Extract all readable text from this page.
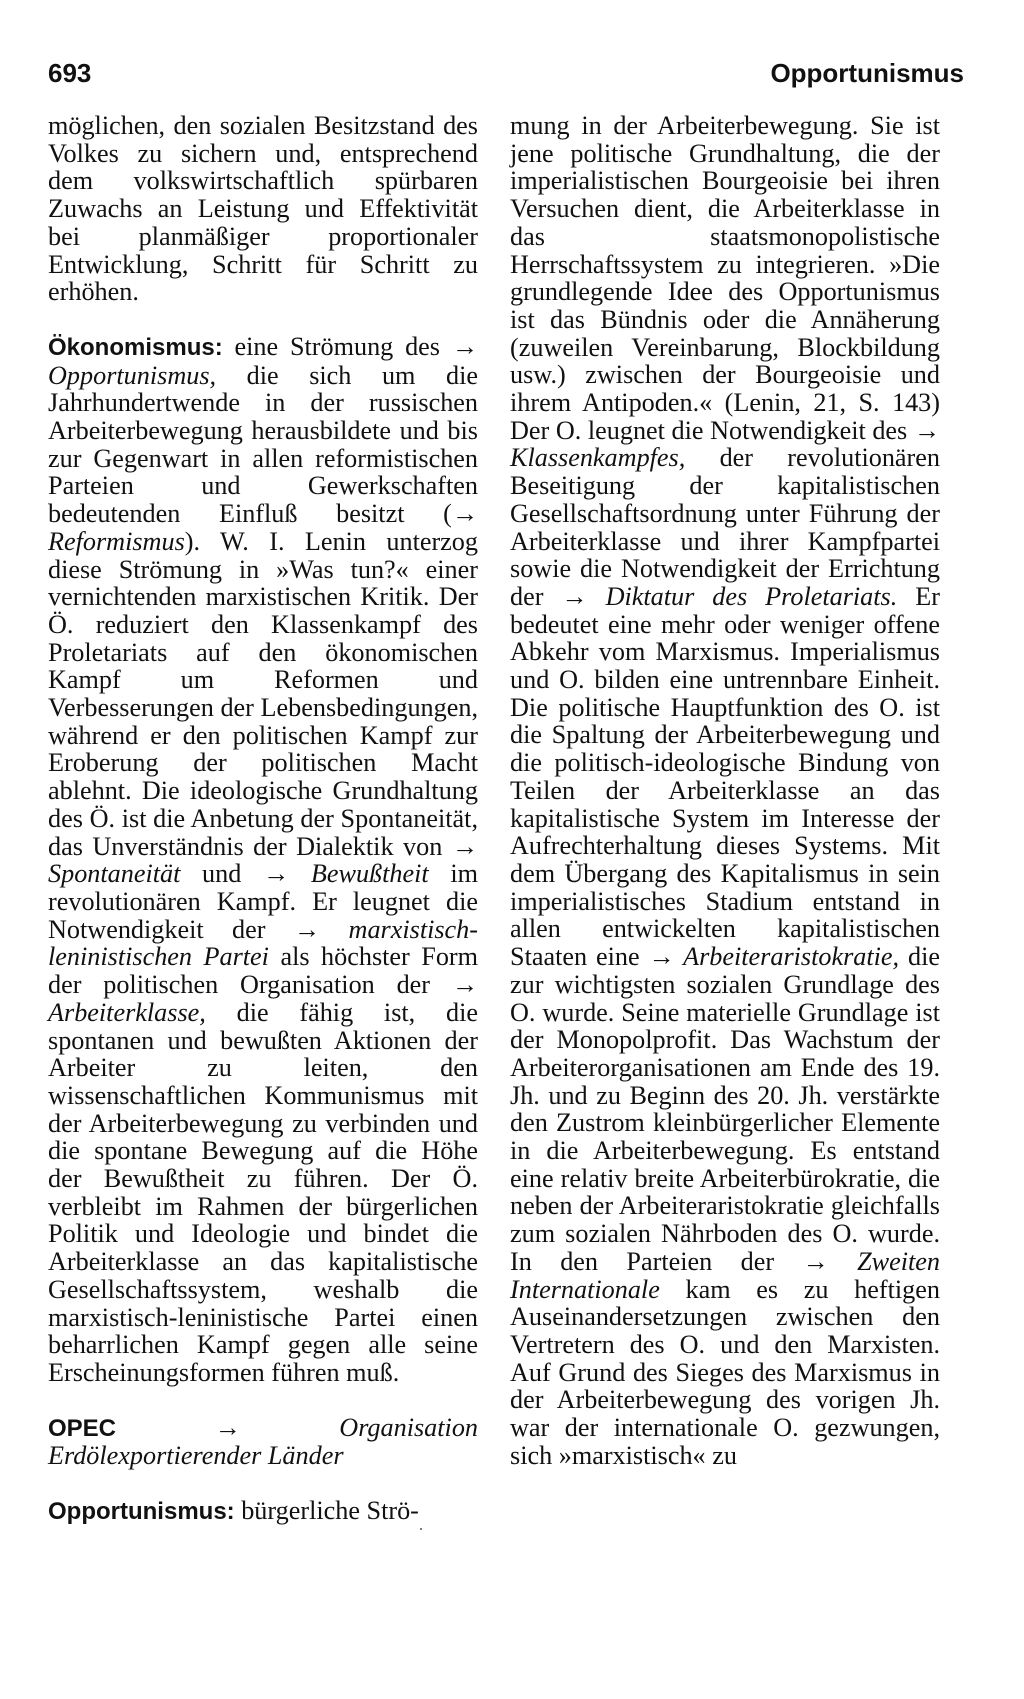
693	Opportunismus

möglichen, den sozialen Besitzstand des Volkes zu sichern und, entsprechend dem volkswirtschaftlich spürbaren Zuwachs an Leistung und Effektivität bei planmäßiger proportionaler Entwicklung, Schritt für Schritt zu erhöhen.

Ökonomismus: eine Strömung des → Opportunismus, die sich um die Jahrhundertwende in der russischen Arbeiterbewegung herausbildete und bis zur Gegenwart in allen reformistischen Parteien und Gewerkschaften bedeutenden Einfluß besitzt (→ Reformismus). W. I. Lenin unterzog diese Strömung in »Was tun?« einer vernichtenden marxistischen Kritik. Der Ö. reduziert den Klassenkampf des Proletariats auf den ökonomischen Kampf um Reformen und Verbesserungen der Lebensbedingungen, während er den politischen Kampf zur Eroberung der politischen Macht ablehnt. Die ideologische Grundhaltung des Ö. ist die Anbetung der Spontaneität, das Unverständnis der Dialektik von → Spontaneität und → Bewußtheit im revolutionären Kampf. Er leugnet die Notwendigkeit der → marxistisch-leninistischen Partei als höchster Form der politischen Organisation der → Arbeiterklasse, die fähig ist, die spontanen und bewußten Aktionen der Arbeiter zu leiten, den wissenschaftlichen Kommunismus mit der Arbeiterbewegung zu verbinden und die spontane Bewegung auf die Höhe der Bewußtheit zu führen. Der Ö. verbleibt im Rahmen der bürgerlichen Politik und Ideologie und bindet die Arbeiterklasse an das kapitalistische Gesellschaftssystem, weshalb die marxistisch-leninistische Partei einen beharrlichen Kampf gegen alle seine Erscheinungsformen führen muß.

OPEC	→	Organisation Erdölexportierender Länder

Opportunismus: bürgerliche Strö-

mung in der Arbeiterbewegung. Sie ist jene politische Grundhaltung, die der imperialistischen Bourgeoisie bei ihren Versuchen dient, die Arbeiterklasse in das staatsmonopolistische Herrschaftssystem zu integrieren. »Die grundlegende Idee des Opportunismus ist das Bündnis oder die Annäherung (zuweilen Vereinbarung, Blockbildung usw.) zwischen der Bourgeoisie und ihrem Antipoden.« (Lenin, 21, S. 143) Der O. leugnet die Notwendigkeit des → Klassenkampfes, der revolutionären Beseitigung der kapitalistischen Gesellschaftsordnung unter Führung der Arbeiterklasse und ihrer Kampfpartei sowie die Notwendigkeit der Errichtung der → Diktatur des Proletariats. Er bedeutet eine mehr oder weniger offene Abkehr vom Marxismus. Imperialismus und O. bilden eine untrennbare Einheit. Die politische Hauptfunktion des O. ist die Spaltung der Arbeiterbewegung und die politisch-ideologische Bindung von Teilen der Arbeiterklasse an das kapitalistische System im Interesse der Aufrechterhaltung dieses Systems. Mit dem Übergang des Kapitalismus in sein imperialistisches Stadium entstand in allen entwickelten kapitalistischen Staaten eine → Arbeiteraristokratie, die zur wichtigsten sozialen Grundlage des O. wurde. Seine materielle Grundlage ist der Monopolprofit. Das Wachstum der Arbeiterorganisationen am Ende des 19. Jh. und zu Beginn des 20. Jh. verstärkte den Zustrom kleinbürgerlicher Elemente in die Arbeiterbewegung. Es entstand eine relativ breite Arbeiterbürokratie, die neben der Arbeiteraristokratie gleichfalls zum sozialen Nährboden des O. wurde. In den Parteien der → Zweiten Internationale kam es zu heftigen Auseinandersetzungen zwischen den Vertretern des O. und den Marxisten. Auf Grund des Sieges des Marxismus in der Arbeiterbewegung des vorigen Jh. war der internationale O. gezwungen, sich »marxistisch« zu
